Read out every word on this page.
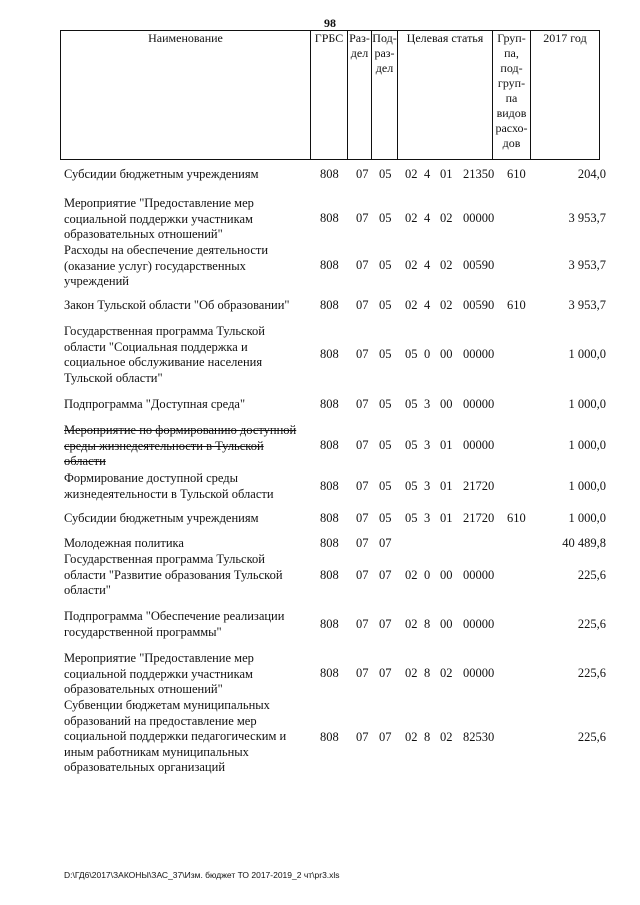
98
Наименование	ГРБС	Раз-
дел	Под-
раз-
дел	Целевая статья	Груп-
па,
под-
груп-
па
видов
расхо-
дов	2017 год
Субсидии бюджетным учреждениям	808 07 05 02 4 01 21350 610	204,0
Мероприятие "Предоставление мер
социальной поддержки участникам
образовательных отношений"
808 07 05 02 4 02 00000	3 953,7
Расходы на обеспечение деятельности
(оказание услуг) государственных
учреждений
808 07 05 02 4 02 00590	3 953,7
Закон Тульской области "Об образовании"	808 07 05 02 4 02 00590 610	3 953,7
Государственная программа Тульской
области "Социальная поддержка и
социальное обслуживание населения
Тульской области"
808 07 05 05 0 00 00000	1 000,0
Подпрограмма "Доступная среда"	808 07 05 05 3 00 00000	1 000,0
Мероприятие по формированию доступной
среды жизнедеятельности в Тульской
области
808 07 05 05 3 01 00000	1 000,0
Формирование доступной среды
жизнедеятельности в Тульской области
808 07 05 05 3 01 21720	1 000,0
Субсидии бюджетным учреждениям	808 07 05 05 3 01 21720 610	1 000,0
Молодежная политика	808 07 07	40 489,8
Государственная программа Тульской
области "Развитие образования Тульской
области"
808 07 07 02 0 00 00000	225,6
Подпрограмма "Обеспечение реализации
государственной программы"
808 07 07 02 8 00 00000	225,6
Мероприятие "Предоставление мер
социальной поддержки участникам
образовательных отношений"
808 07 07 02 8 02 00000	225,6
Субвенции бюджетам муниципальных
образований на предоставление мер
социальной поддержки педагогическим и
иным работникам муниципальных
образовательных организаций
808 07 07 02 8 02 82530	225,6
D:\ГД6\2017\ЗАКОНЫ\ЗАС_37\Изм. бюджет ТО 2017-2019_2 чт\pr3.xls
